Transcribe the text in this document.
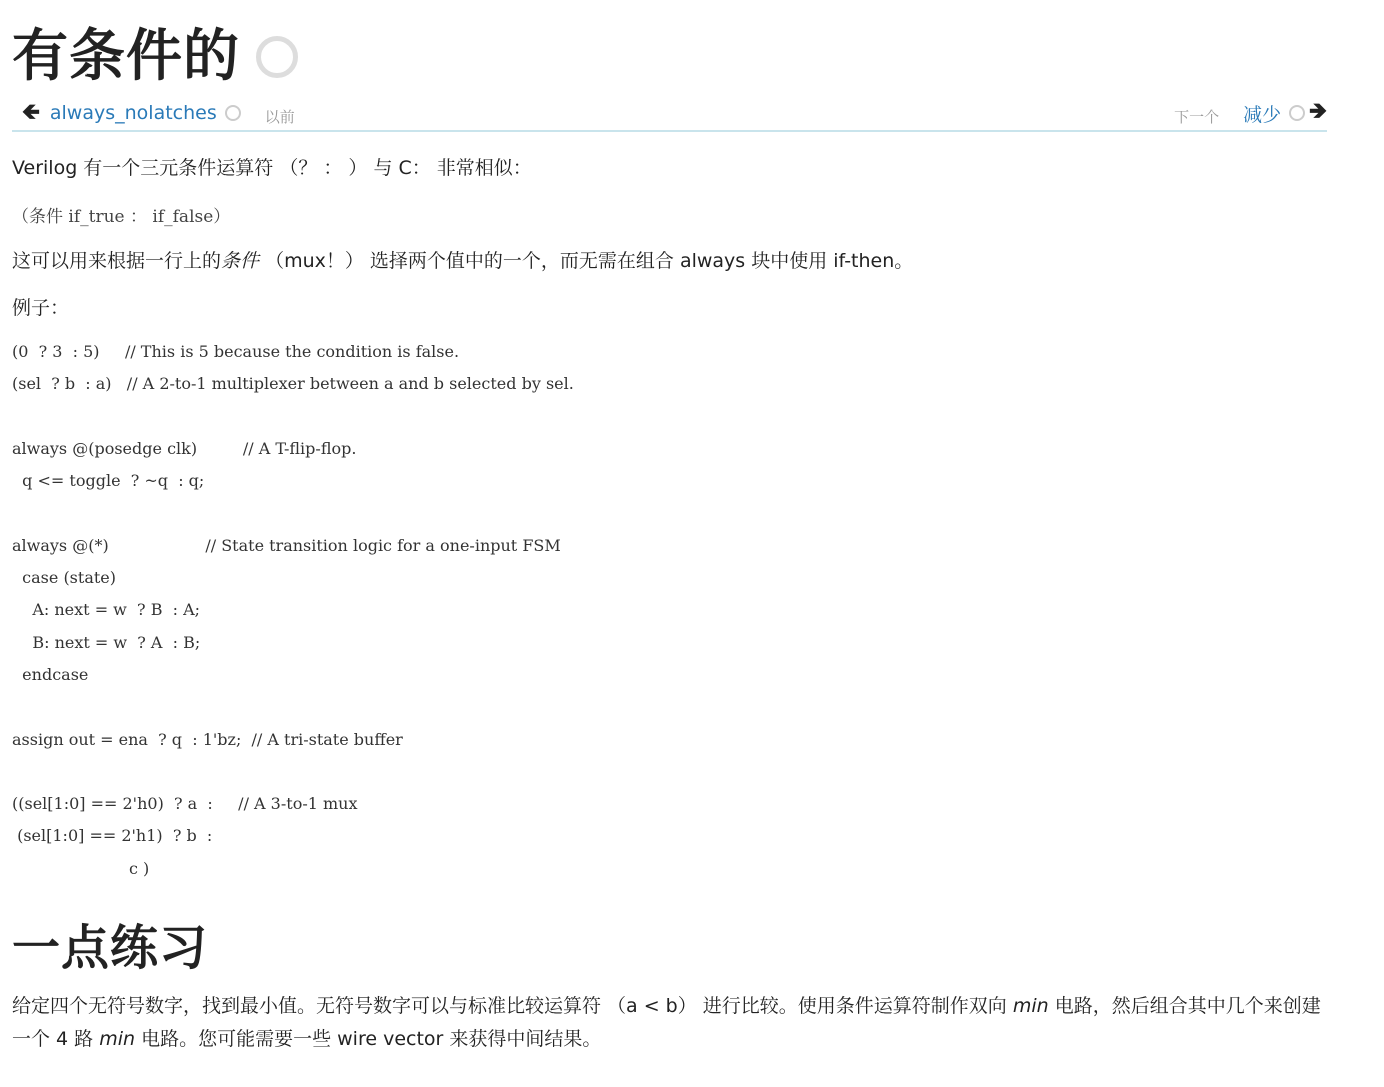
有条件的
🡸 always_nolatches	以前	下一个 减少 🡺
Verilog 有一个三元条件运算符 （？ ： ） 与 C： 非常相似：
（条件 if_true ： if_false）
这可以用来根据一行上的条件 （mux！） 选择两个值中的一个，而无需在组合 always 块中使用 if-then。
例子：
(0  ? 3  : 5)     // This is 5 because the condition is false.
(sel  ? b  : a)   // A 2-to-1 multiplexer between a and b selected by sel.
always @(posedge clk)         // A T-flip-flop.
q <= toggle  ? ~q  : q;
always @(*)                   // State transition logic for a one-input FSM
case (state)
A: next = w  ? B  : A;
B: next = w  ? A  : B;
endcase
assign out = ena  ? q  : 1'bz;  // A tri-state buffer
((sel[1:0] == 2'h0)  ? a  :     // A 3-to-1 mux
(sel[1:0] == 2'h1)  ? b  :
c )
一点练习
给定四个无符号数字，找到最小值。无符号数字可以与标准比较运算符 （a < b） 进行比较。使用条件运算符制作双向 min 电路，然后组合其中几个来创建一个 4 路 min 电路。您可能需要一些 wire vector 来获得中间结果。
